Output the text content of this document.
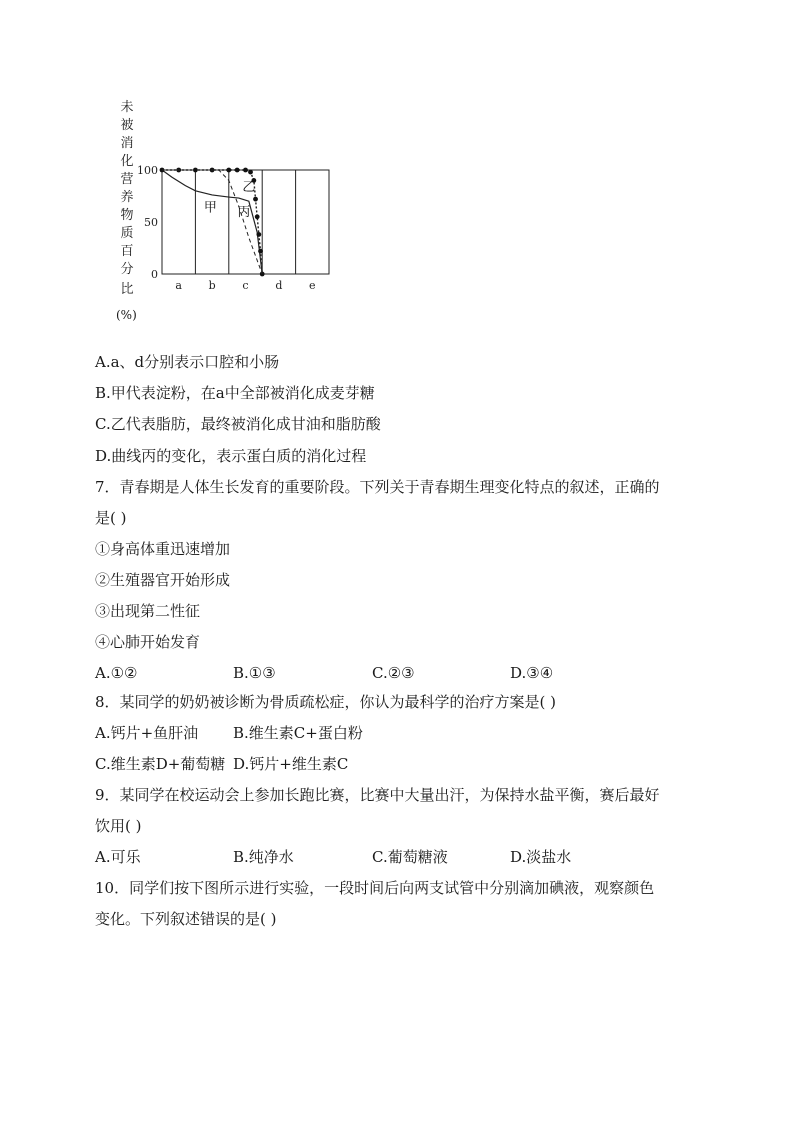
未
被
消
化
营
养
物
质
百
分
比
(%)
100
50
0
a b c d e
甲
乙
丙
A.a、d分别表示口腔和小肠
B.甲代表淀粉，在a中全部被消化成麦芽糖
C.乙代表脂肪，最终被消化成甘油和脂肪酸
D.曲线丙的变化，表示蛋白质的消化过程
7．青春期是人体生长发育的重要阶段。下列关于青春期生理变化特点的叙述，正确的
是( )
①身高体重迅速增加
②生殖器官开始形成
③出现第二性征
④心肺开始发育
A.①②	B.①③	C.②③	D.③④
8．某同学的奶奶被诊断为骨质疏松症，你认为最科学的治疗方案是( )
A.钙片+鱼肝油 B.维生素C+蛋白粉
C.维生素D+葡萄糖 D.钙片+维生素C
9．某同学在校运动会上参加长跑比赛，比赛中大量出汗，为保持水盐平衡，赛后最好
饮用( )
A.可乐	B.纯净水	C.葡萄糖液	D.淡盐水
10．同学们按下图所示进行实验，一段时间后向两支试管中分别滴加碘液，观察颜色
变化。下列叙述错误的是( )
